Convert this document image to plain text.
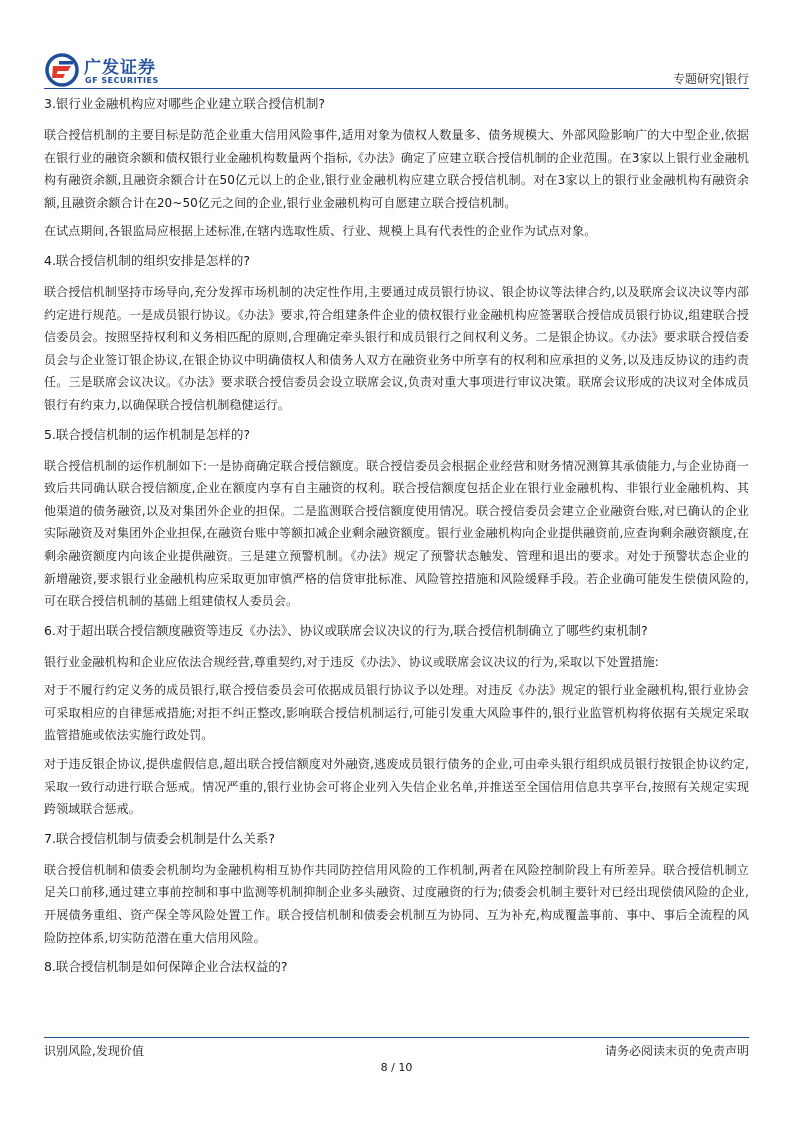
广发证券
GF SECURITIES	专题研究|银行
3.银行业金融机构应对哪些企业建立联合授信机制?

联合授信机制的主要目标是防范企业重大信用风险事件,适用对象为债权人数量多、债务规模大、外部风险影响广的大中型企业,依据在银行业的融资余额和债权银行业金融机构数量两个指标,《办法》确定了应建立联合授信机制的企业范围。在3家以上银行业金融机构有融资余额,且融资余额合计在50亿元以上的企业,银行业金融机构应建立联合授信机制。对在3家以上的银行业金融机构有融资余额,且融资余额合计在20~50亿元之间的企业,银行业金融机构可自愿建立联合授信机制。

在试点期间,各银监局应根据上述标准,在辖内选取性质、行业、规模上具有代表性的企业作为试点对象。

4.联合授信机制的组织安排是怎样的?

联合授信机制坚持市场导向,充分发挥市场机制的决定性作用,主要通过成员银行协议、银企协议等法律合约,以及联席会议决议等内部约定进行规范。一是成员银行协议。《办法》要求,符合组建条件企业的债权银行业金融机构应签署联合授信成员银行协议,组建联合授信委员会。按照坚持权利和义务相匹配的原则,合理确定牵头银行和成员银行之间权利义务。二是银企协议。《办法》要求联合授信委员会与企业签订银企协议,在银企协议中明确债权人和债务人双方在融资业务中所享有的权利和应承担的义务,以及违反协议的违约责任。三是联席会议决议。《办法》要求联合授信委员会设立联席会议,负责对重大事项进行审议决策。联席会议形成的决议对全体成员银行有约束力,以确保联合授信机制稳健运行。

5.联合授信机制的运作机制是怎样的?

联合授信机制的运作机制如下:一是协商确定联合授信额度。联合授信委员会根据企业经营和财务情况测算其承债能力,与企业协商一致后共同确认联合授信额度,企业在额度内享有自主融资的权利。联合授信额度包括企业在银行业金融机构、非银行业金融机构、其他渠道的债务融资,以及对集团外企业的担保。二是监测联合授信额度使用情况。联合授信委员会建立企业融资台账,对已确认的企业实际融资及对集团外企业担保,在融资台账中等额扣减企业剩余融资额度。银行业金融机构向企业提供融资前,应查询剩余融资额度,在剩余融资额度内向该企业提供融资。三是建立预警机制。《办法》规定了预警状态触发、管理和退出的要求。对处于预警状态企业的新增融资,要求银行业金融机构应采取更加审慎严格的信贷审批标准、风险管控措施和风险缓释手段。若企业确可能发生偿债风险的,可在联合授信机制的基础上组建债权人委员会。

6.对于超出联合授信额度融资等违反《办法》、协议或联席会议决议的行为,联合授信机制确立了哪些约束机制?

银行业金融机构和企业应依法合规经营,尊重契约,对于违反《办法》、协议或联席会议决议的行为,采取以下处置措施:

对于不履行约定义务的成员银行,联合授信委员会可依据成员银行协议予以处理。对违反《办法》规定的银行业金融机构,银行业协会可采取相应的自律惩戒措施;对拒不纠正整改,影响联合授信机制运行,可能引发重大风险事件的,银行业监管机构将依据有关规定采取监管措施或依法实施行政处罚。

对于违反银企协议,提供虚假信息,超出联合授信额度对外融资,逃废成员银行债务的企业,可由牵头银行组织成员银行按银企协议约定,采取一致行动进行联合惩戒。情况严重的,银行业协会可将企业列入失信企业名单,并推送至全国信用信息共享平台,按照有关规定实现跨领域联合惩戒。

7.联合授信机制与债委会机制是什么关系?

联合授信机制和债委会机制均为金融机构相互协作共同防控信用风险的工作机制,两者在风险控制阶段上有所差异。联合授信机制立足关口前移,通过建立事前控制和事中监测等机制抑制企业多头融资、过度融资的行为;债委会机制主要针对已经出现偿债风险的企业,开展债务重组、资产保全等风险处置工作。联合授信机制和债委会机制互为协同、互为补充,构成覆盖事前、事中、事后全流程的风险防控体系,切实防范潜在重大信用风险。

8.联合授信机制是如何保障企业合法权益的?
识别风险,发现价值	请务必阅读末页的免责声明
8 / 10
